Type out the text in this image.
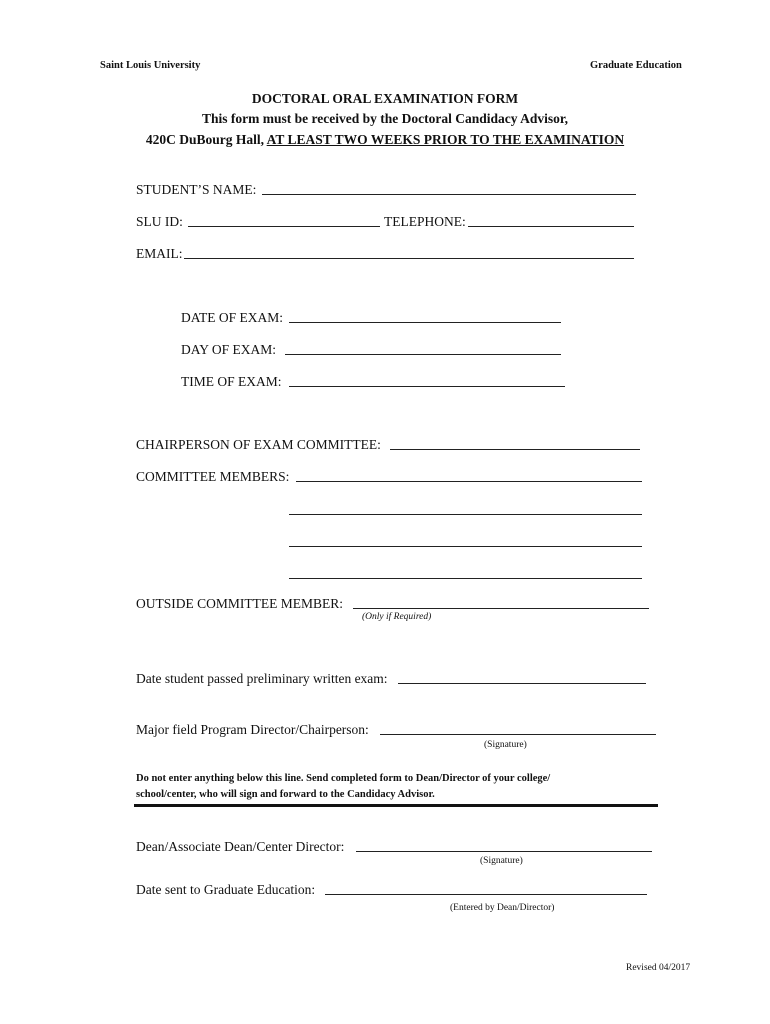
Saint Louis University	Graduate Education
DOCTORAL ORAL EXAMINATION FORM
This form must be received by the Doctoral Candidacy Advisor,
420C DuBourg Hall, AT LEAST TWO WEEKS PRIOR TO THE EXAMINATION
STUDENT’S NAME:
SLU ID:	TELEPHONE:
EMAIL:
DATE OF EXAM:
DAY OF EXAM:
TIME OF EXAM:
CHAIRPERSON OF EXAM COMMITTEE:
COMMITTEE MEMBERS:
OUTSIDE COMMITTEE MEMBER:
(Only if Required)
Date student passed preliminary written exam:
Major field Program Director/Chairperson:
(Signature)
Do not enter anything below this line. Send completed form to Dean/Director of your college/
school/center, who will sign and forward to the Candidacy Advisor.
Dean/Associate Dean/Center Director:
(Signature)
Date sent to Graduate Education:
(Entered by Dean/Director)
Revised 04/2017
